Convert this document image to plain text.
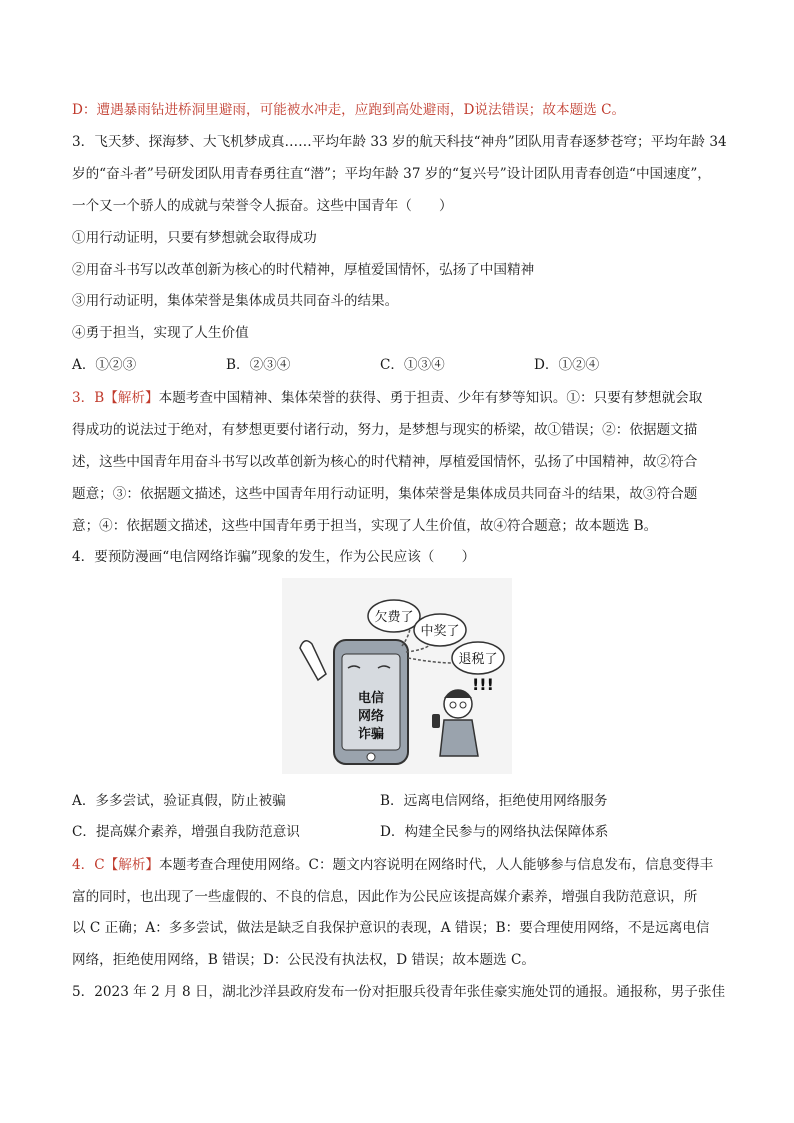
D：遭遇暴雨钻进桥洞里避雨，可能被水冲走，应跑到高处避雨，D说法错误；故本题选 C。
3．飞天梦、探海梦、大飞机梦成真……平均年龄 33 岁的航天科技“神舟”团队用青春逐梦苍穹；平均年龄 34
岁的“奋斗者”号研发团队用青春勇往直“潜”；平均年龄 37 岁的“复兴号”设计团队用青春创造“中国速度”，
一个又一个骄人的成就与荣誉令人振奋。这些中国青年（　　）
①用行动证明，只要有梦想就会取得成功
②用奋斗书写以改革创新为核心的时代精神，厚植爱国情怀，弘扬了中国精神
③用行动证明，集体荣誉是集体成员共同奋斗的结果。
④勇于担当，实现了人生价值
A．①②③	B．②③④	C．①③④	D．①②④
3．B【解析】本题考查中国精神、集体荣誉的获得、勇于担责、少年有梦等知识。①：只要有梦想就会取
得成功的说法过于绝对，有梦想更要付诸行动，努力，是梦想与现实的桥梁，故①错误；②：依据题文描
述，这些中国青年用奋斗书写以改革创新为核心的时代精神，厚植爱国情怀，弘扬了中国精神，故②符合
题意；③：依据题文描述，这些中国青年用行动证明，集体荣誉是集体成员共同奋斗的结果，故③符合题
意；④：依据题文描述，这些中国青年勇于担当，实现了人生价值，故④符合题意；故本题选 B。
4．要预防漫画“电信网络诈骗”现象的发生，作为公民应该（　　）
电信
网络
诈骗
欠费了
中奖了
退税了
!!!
A．多多尝试，验证真假，防止被骗	B．远离电信网络，拒绝使用网络服务
C．提高媒介素养，增强自我防范意识	D．构建全民参与的网络执法保障体系
4．C【解析】本题考查合理使用网络。C：题文内容说明在网络时代，人人能够参与信息发布，信息变得丰
富的同时，也出现了一些虚假的、不良的信息，因此作为公民应该提高媒介素养，增强自我防范意识，所
以 C 正确；A：多多尝试，做法是缺乏自我保护意识的表现，A 错误；B：要合理使用网络，不是远离电信
网络，拒绝使用网络，B 错误；D：公民没有执法权，D 错误；故本题选 C。
5．2023 年 2 月 8 日，湖北沙洋县政府发布一份对拒服兵役青年张佳豪实施处罚的通报。通报称，男子张佳
